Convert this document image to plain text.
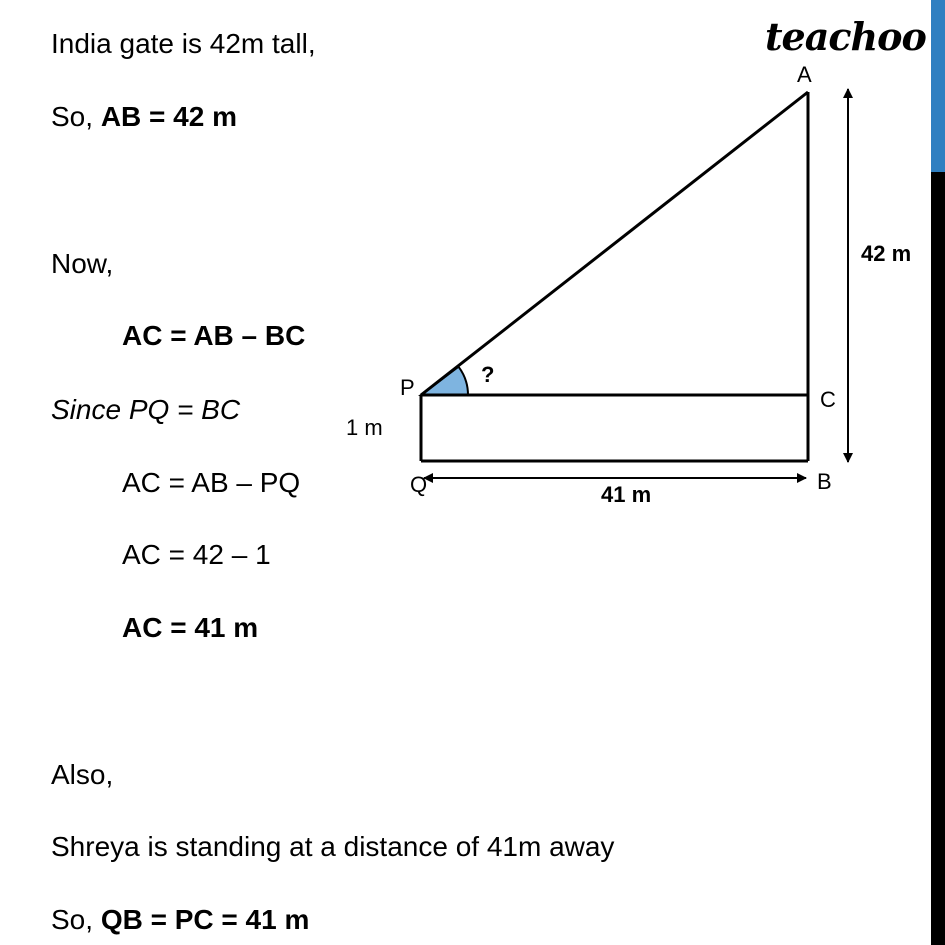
teachoo
India gate is 42m tall,
So, AB = 42 m
Now,
AC = AB – BC
Since PQ = BC
AC = AB – PQ
AC = 42 – 1
AC = 41 m
Also,
Shreya is standing at a distance of 41m away
So, QB = PC = 41 m
A
P	C
Q	B
?
42 m
1 m
41 m
